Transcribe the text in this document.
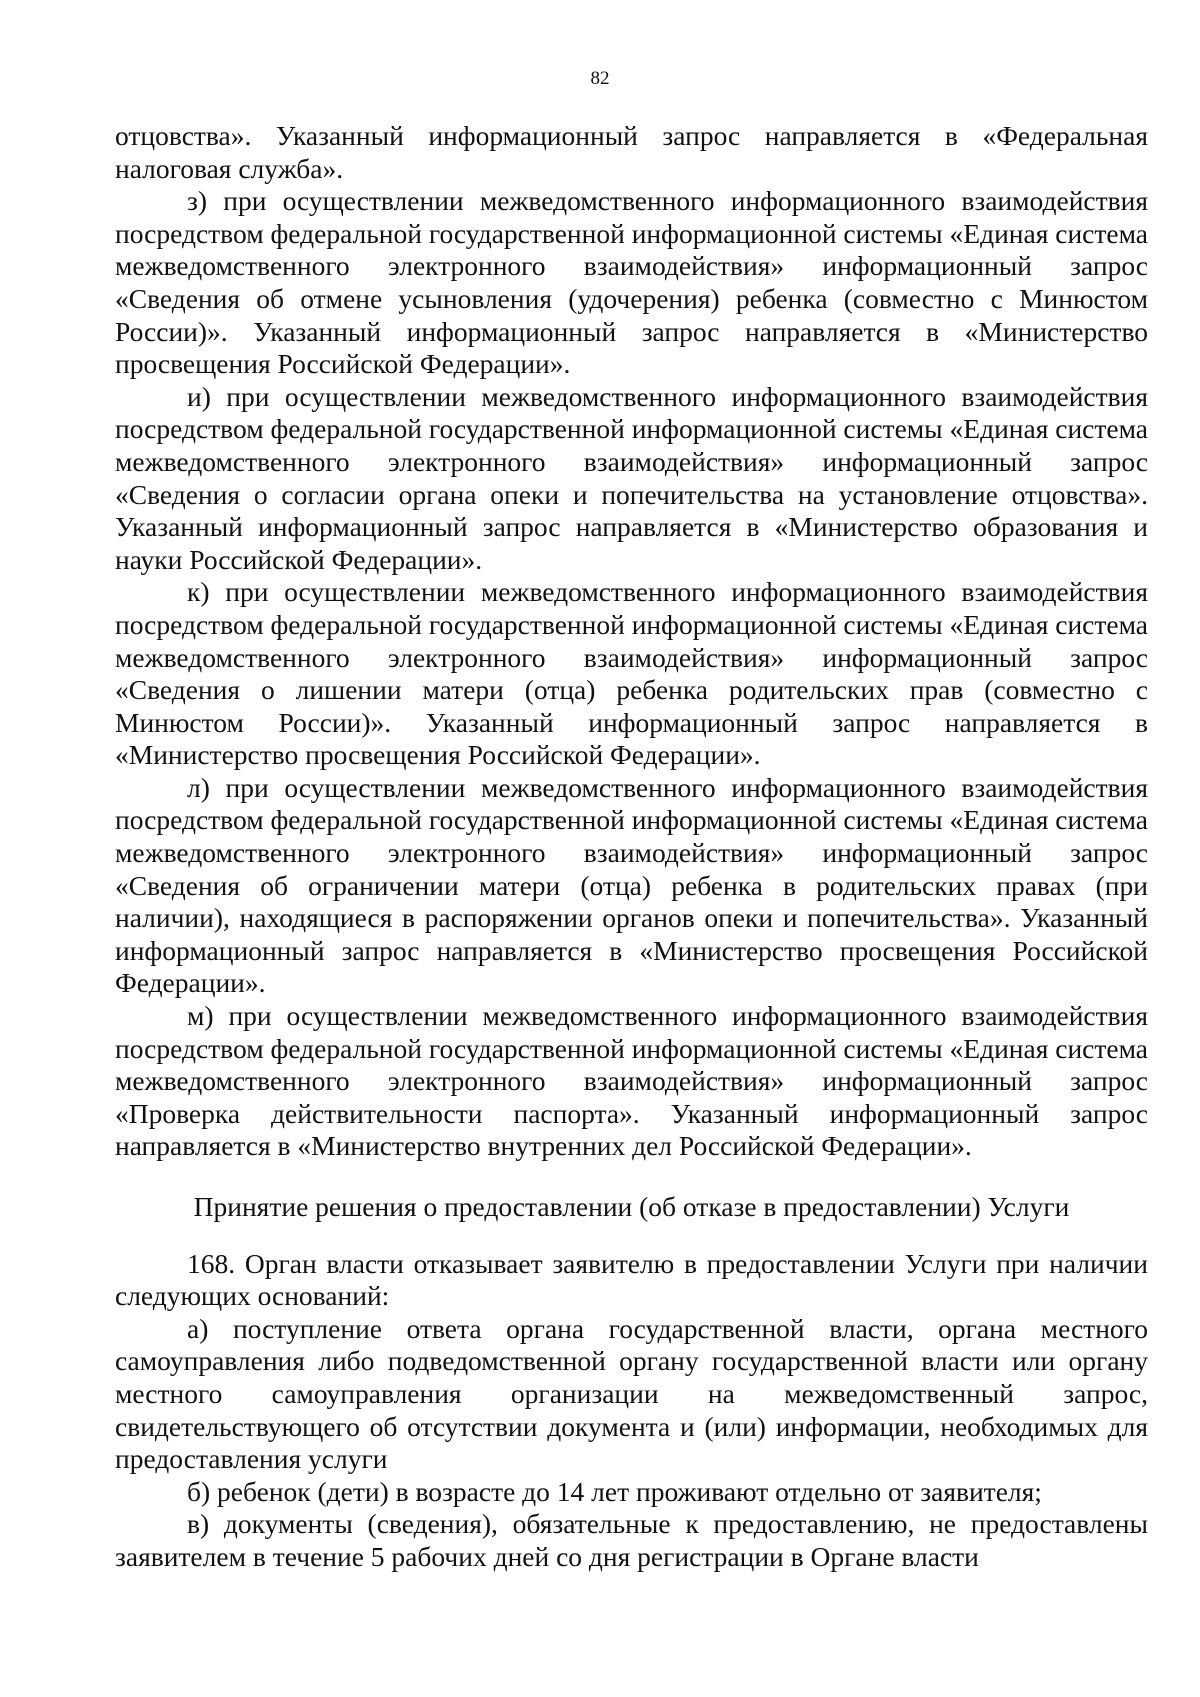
82

отцовства». Указанный информационный запрос направляется в «Федеральная налоговая служба».

з) при осуществлении межведомственного информационного взаимодействия посредством федеральной государственной информационной системы «Единая система межведомственного электронного взаимодействия» информационный запрос «Сведения об отмене усыновления (удочерения) ребенка (совместно с Минюстом России)». Указанный информационный запрос направляется в «Министерство просвещения Российской Федерации».

и) при осуществлении межведомственного информационного взаимодействия посредством федеральной государственной информационной системы «Единая система межведомственного электронного взаимодействия» информационный запрос «Сведения о согласии органа опеки и попечительства на установление отцовства». Указанный информационный запрос направляется в «Министерство образования и науки Российской Федерации».

к) при осуществлении межведомственного информационного взаимодействия посредством федеральной государственной информационной системы «Единая система межведомственного электронного взаимодействия» информационный запрос «Сведения о лишении матери (отца) ребенка родительских прав (совместно с Минюстом России)». Указанный информационный запрос направляется в «Министерство просвещения Российской Федерации».

л) при осуществлении межведомственного информационного взаимодействия посредством федеральной государственной информационной системы «Единая система межведомственного электронного взаимодействия» информационный запрос «Сведения об ограничении матери (отца) ребенка в родительских правах (при наличии), находящиеся в распоряжении органов опеки и попечительства». Указанный информационный запрос направляется в «Министерство просвещения Российской Федерации».

м) при осуществлении межведомственного информационного взаимодействия посредством федеральной государственной информационной системы «Единая система межведомственного электронного взаимодействия» информационный запрос «Проверка действительности паспорта». Указанный информационный запрос направляется в «Министерство внутренних дел Российской Федерации».

Принятие решения о предоставлении (об отказе в предоставлении) Услуги

168. Орган власти отказывает заявителю в предоставлении Услуги при наличии следующих оснований:

а) поступление ответа органа государственной власти, органа местного самоуправления либо подведомственной органу государственной власти или органу местного самоуправления организации на межведомственный запрос, свидетельствующего об отсутствии документа и (или) информации, необходимых для предоставления услуги

б) ребенок (дети) в возрасте до 14 лет проживают отдельно от заявителя;

в) документы (сведения), обязательные к предоставлению, не предоставлены заявителем в течение 5 рабочих дней со дня регистрации в Органе власти
